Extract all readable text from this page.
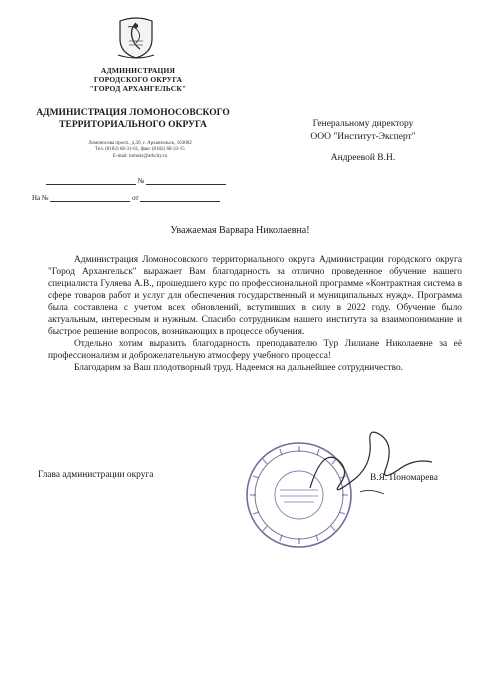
АДМИНИСТРАЦИЯ
ГОРОДСКОГО ОКРУГА
"ГОРОД АРХАНГЕЛЬСК"
АДМИНИСТРАЦИЯ ЛОМОНОСОВСКОГО
ТЕРРИТОРИАЛЬНОГО ОКРУГА
Ломоносова просп., д.30, г. Архангельск, 163002
Тел. (8182) 68-31-61, факс (8182) 68-33-15
E-mail: lomokr@arhcity.ru
№
На №	от
Генеральному директору
ООО "Институт-Эксперт"
Андреевой В.Н.
Уважаемая Варвара Николаевна!

Администрация Ломоносовского территориального округа Администрации городского округа "Город Архангельск" выражает Вам благодарность за отлично проведенное обучение нашего специалиста Гуляева А.В., прошедшего курс по профессиональной программе «Контрактная система в сфере товаров работ и услуг для обеспечения государственный и муниципальных нужд». Программа была составлена с учетом всех обновлений, вступивших в силу в 2022 году. Обучение было актуальным, интересным и нужным. Спасибо сотрудникам нашего института за взаимопонимание и быстрое решение вопросов, возникающих в процессе обучения.

Отдельно хотим выразить благодарность преподавателю Тур Лилиане Николаевне за её профессионализм и доброжелательную атмосферу учебного процесса!

Благодарим за Ваш плодотворный труд. Надеемся на дальнейшее сотрудничество.

Глава администрации округа	В.Я. Пономарева
